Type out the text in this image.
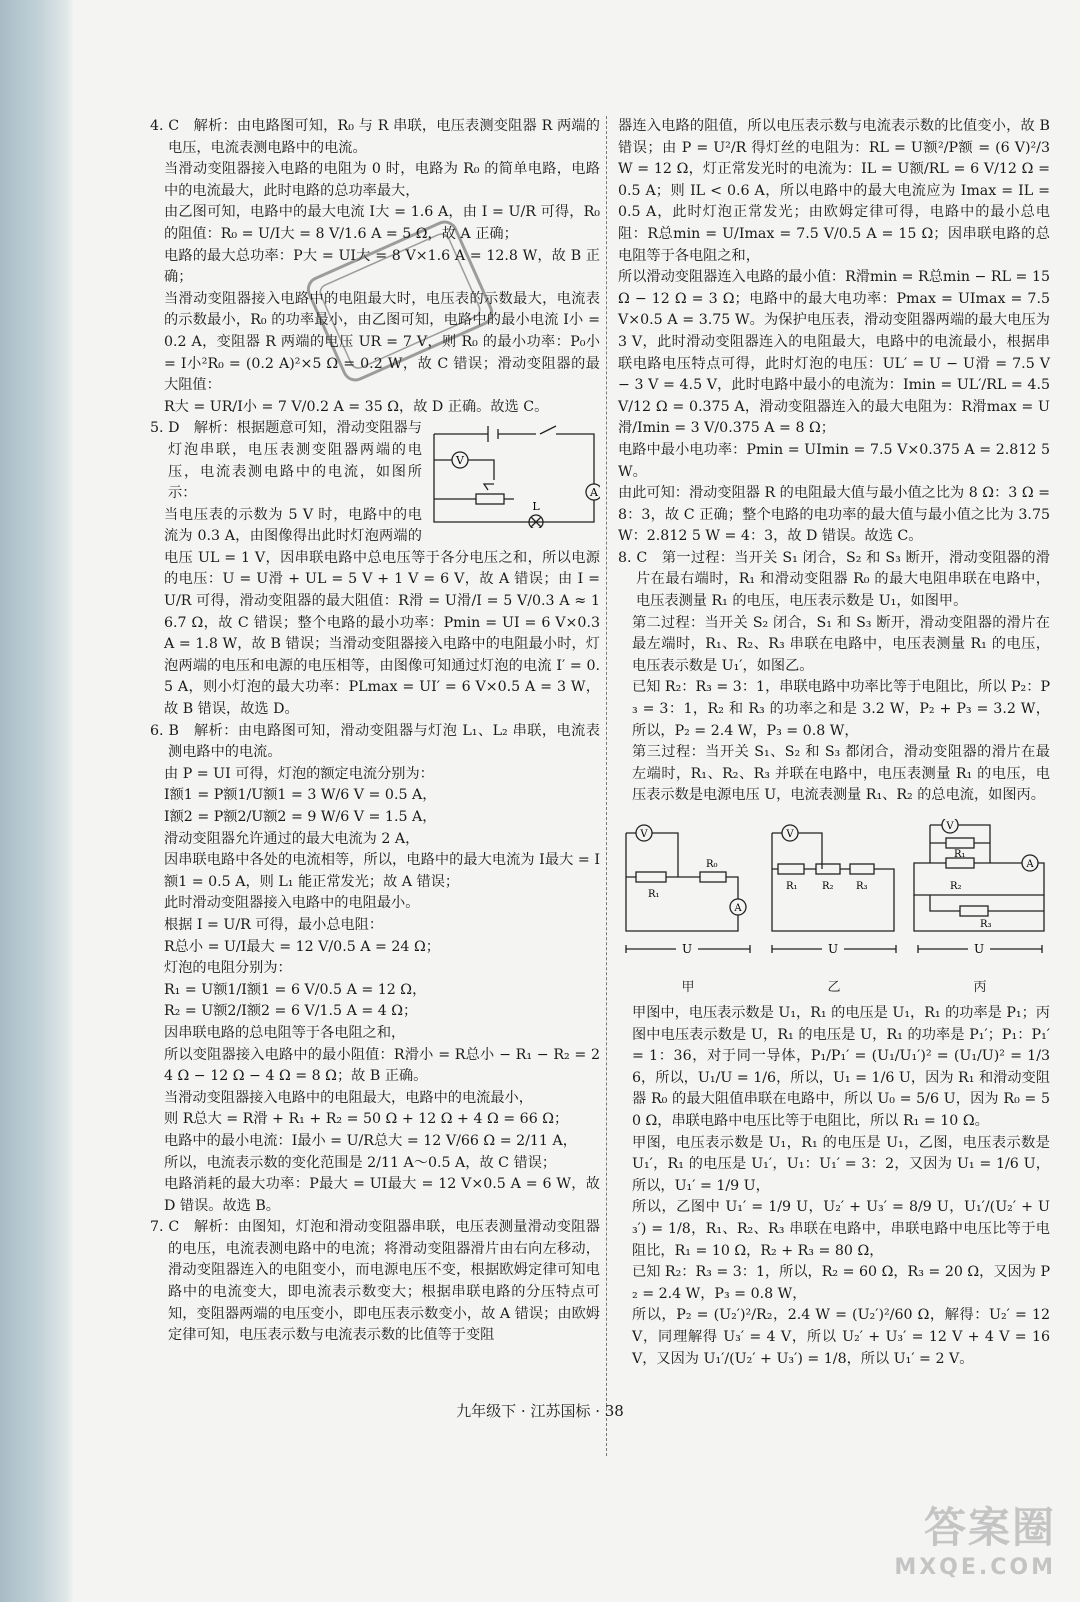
4. C　解析：由电路图可知，R₀ 与 R 串联，电压表测变阻器 R 两端的电压，电流表测电路中的电流。

当滑动变阻器接入电路的电阻为 0 时，电路为 R₀ 的简单电路，电路中的电流最大，此时电路的总功率最大，

由乙图可知，电路中的最大电流 I大 = 1.6 A，由 I = U/R 可得，R₀ 的阻值：R₀ = U/I大 = 8 V/1.6 A = 5 Ω，故 A 正确；

电路的最大总功率：P大 = UI大 = 8 V×1.6 A = 12.8 W，故 B 正确；

当滑动变阻器接入电路中的电阻最大时，电压表的示数最大，电流表的示数最小，R₀ 的功率最小，由乙图可知，电路中的最小电流 I小 = 0.2 A，变阻器 R 两端的电压 UR = 7 V，则 R₀ 的最小功率：P₀小 = I小²R₀ = (0.2 A)²×5 Ω = 0.2 W，故 C 错误；滑动变阻器的最大阻值：

R大 = UR/I小 = 7 V/0.2 A = 35 Ω，故 D 正确。故选 C。

V
A
L

5. D　解析：根据题意可知，滑动变阻器与灯泡串联，电压表测变阻器两端的电压，电流表测电路中的电流，如图所示：

当电压表的示数为 5 V 时，电路中的电流为 0.3 A，由图像得出此时灯泡两端的电压 UL = 1 V，因串联电路中总电压等于各分电压之和，所以电源的电压：U = U滑 + UL = 5 V + 1 V = 6 V，故 A 错误；由 I = U/R 可得，滑动变阻器的最大阻值：R滑 = U滑/I = 5 V/0.3 A ≈ 16.7 Ω，故 C 错误；整个电路的最小功率：Pmin = UI = 6 V×0.3 A = 1.8 W，故 B 错误；当滑动变阻器接入电路中的电阻最小时，灯泡两端的电压和电源的电压相等，由图像可知通过灯泡的电流 I′ = 0.5 A，则小灯泡的最大功率：PLmax = UI′ = 6 V×0.5 A = 3 W，故 B 错误，故选 D。

6. B　解析：由电路图可知，滑动变阻器与灯泡 L₁、L₂ 串联，电流表测电路中的电流。

由 P = UI 可得，灯泡的额定电流分别为：

I额1 = P额1/U额1 = 3 W/6 V = 0.5 A，

I额2 = P额2/U额2 = 9 W/6 V = 1.5 A，

滑动变阻器允许通过的最大电流为 2 A，

因串联电路中各处的电流相等，所以，电路中的最大电流为 I最大 = I额1 = 0.5 A，则 L₁ 能正常发光；故 A 错误；

此时滑动变阻器接入电路中的电阻最小。

根据 I = U/R 可得，最小总电阻：

R总小 = U/I最大 = 12 V/0.5 A = 24 Ω；

灯泡的电阻分别为：

R₁ = U额1/I额1 = 6 V/0.5 A = 12 Ω，

R₂ = U额2/I额2 = 6 V/1.5 A = 4 Ω；

因串联电路的总电阻等于各电阻之和，

所以变阻器接入电路中的最小阻值：R滑小 = R总小 − R₁ − R₂ = 24 Ω − 12 Ω − 4 Ω = 8 Ω；故 B 正确。

当滑动变阻器接入电路中的电阻最大，电路中的电流最小，

则 R总大 = R滑 + R₁ + R₂ = 50 Ω + 12 Ω + 4 Ω = 66 Ω；

电路中的最小电流：I最小 = U/R总大 = 12 V/66 Ω = 2/11 A，

所以，电流表示数的变化范围是 2/11 A～0.5 A，故 C 错误；

电路消耗的最大功率：P最大 = UI最大 = 12 V×0.5 A = 6 W，故 D 错误。故选 B。

7. C　解析：由图知，灯泡和滑动变阻器串联，电压表测量滑动变阻器的电压，电流表测电路中的电流；将滑动变阻器滑片由右向左移动，滑动变阻器连入的电阻变小，而电源电压不变，根据欧姆定律可知电路中的电流变大，即电流表示数变大；根据串联电路的分压特点可知，变阻器两端的电压变小，即电压表示数变小，故 A 错误；由欧姆定律可知，电压表示数与电流表示数的比值等于变阻

器连入电路的阻值，所以电压表示数与电流表示数的比值变小，故 B 错误；由 P = U²/R 得灯丝的电阻为：RL = U额²/P额 = (6 V)²/3 W = 12 Ω，灯正常发光时的电流为：IL = U额/RL = 6 V/12 Ω = 0.5 A；则 IL < 0.6 A，所以电路中的最大电流应为 Imax = IL = 0.5 A，此时灯泡正常发光；由欧姆定律可得，电路中的最小总电阻：R总min = U/Imax = 7.5 V/0.5 A = 15 Ω；因串联电路的总电阻等于各电阻之和，

所以滑动变阻器连入电路的最小值：R滑min = R总min − RL = 15 Ω − 12 Ω = 3 Ω；电路中的最大电功率：Pmax = UImax = 7.5 V×0.5 A = 3.75 W。为保护电压表，滑动变阻器两端的最大电压为 3 V，此时滑动变阻器连入的电阻最大，电路中的电流最小，根据串联电路电压特点可得，此时灯泡的电压：UL′ = U − U滑 = 7.5 V − 3 V = 4.5 V，此时电路中最小的电流为：Imin = UL′/RL = 4.5 V/12 Ω = 0.375 A，滑动变阻器连入的最大电阻为：R滑max = U滑/Imin = 3 V/0.375 A = 8 Ω；

电路中最小电功率：Pmin = UImin = 7.5 V×0.375 A = 2.812 5 W。

由此可知：滑动变阻器 R 的电阻最大值与最小值之比为 8 Ω：3 Ω = 8：3，故 C 正确；整个电路的电功率的最大值与最小值之比为 3.75 W：2.812 5 W = 4：3，故 D 错误。故选 C。

8. C　第一过程：当开关 S₁ 闭合，S₂ 和 S₃ 断开，滑动变阻器的滑片在最右端时，R₁ 和滑动变阻器 R₀ 的最大电阻串联在电路中，电压表测量 R₁ 的电压，电压表示数是 U₁，如图甲。

第二过程：当开关 S₂ 闭合，S₁ 和 S₃ 断开，滑动变阻器的滑片在最左端时，R₁、R₂、R₃ 串联在电路中，电压表测量 R₁ 的电压，电压表示数是 U₁′，如图乙。

已知 R₂：R₃ = 3：1，串联电路中功率比等于电阻比，所以 P₂：P₃ = 3：1，R₂ 和 R₃ 的功率之和是 3.2 W，P₂ + P₃ = 3.2 W，所以，P₂ = 2.4 W，P₃ = 0.8 W，

第三过程：当开关 S₁、S₂ 和 S₃ 都闭合，滑动变阻器的滑片在最左端时，R₁、R₂、R₃ 并联在电路中，电压表测量 R₁ 的电压，电压表示数是电源电压 U，电流表测量 R₁、R₂ 的总电流，如图丙。

V
A
R₁
R₀
U
甲
V
R₁ R₂ R₃
U
乙
V
A
R₁
R₂
R₃
U
丙

甲图中，电压表示数是 U₁，R₁ 的电压是 U₁，R₁ 的功率是 P₁；丙图中电压表示数是 U，R₁ 的电压是 U，R₁ 的功率是 P₁′；P₁：P₁′ = 1：36，对于同一导体，P₁/P₁′ = (U₁/U₁′)² = (U₁/U)² = 1/36，所以，U₁/U = 1/6，所以，U₁ = 1/6 U，因为 R₁ 和滑动变阻器 R₀ 的最大阻值串联在电路中，所以 U₀ = 5/6 U，因为 R₀ = 50 Ω，串联电路中电压比等于电阻比，所以 R₁ = 10 Ω。

甲图，电压表示数是 U₁，R₁ 的电压是 U₁，乙图，电压表示数是 U₁′，R₁ 的电压是 U₁′，U₁：U₁′ = 3：2，又因为 U₁ = 1/6 U，所以，U₁′ = 1/9 U，

所以，乙图中 U₁′ = 1/9 U，U₂′ + U₃′ = 8/9 U，U₁′/(U₂′ + U₃′) = 1/8，R₁、R₂、R₃ 串联在电路中，串联电路中电压比等于电阻比，R₁ = 10 Ω，R₂ + R₃ = 80 Ω，

已知 R₂：R₃ = 3：1，所以，R₂ = 60 Ω，R₃ = 20 Ω，又因为 P₂ = 2.4 W，P₃ = 0.8 W，

所以，P₂ = (U₂′)²/R₂，2.4 W = (U₂′)²/60 Ω，解得：U₂′ = 12 V，同理解得 U₃′ = 4 V，所以 U₂′ + U₃′ = 12 V + 4 V = 16 V，又因为 U₁′/(U₂′ + U₃′) = 1/8，所以 U₁′ = 2 V。

九年级下 · 江苏国标 · 38
答案圈
MXQE.COM
